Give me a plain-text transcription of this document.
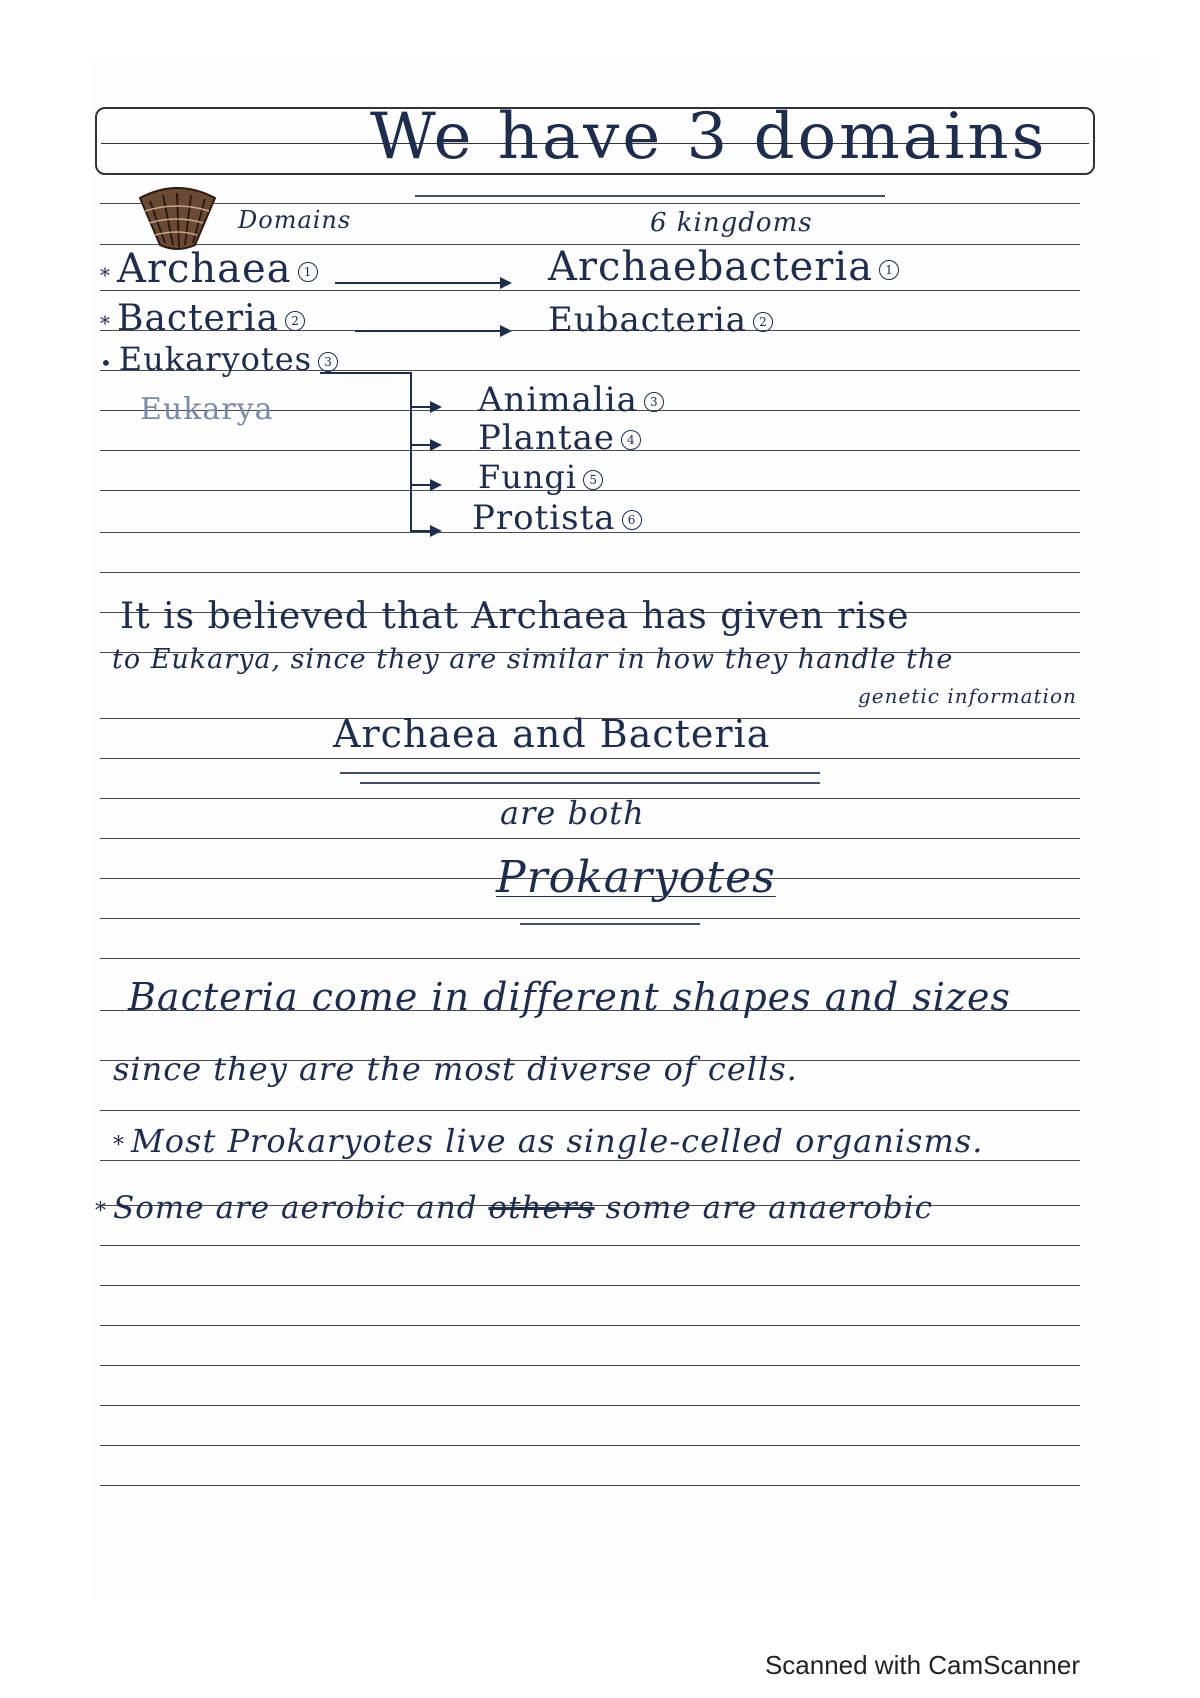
We have 3 domains
Domains	6 kingdoms
* Archaea 1
* Bacteria 2
• Eukaryotes 3
Eukarya
Archaebacteria 1
Eubacteria 2
Animalia 3
Plantae 4
Fungi 5
Protista 6
It is believed that Archaea has given rise
to Eukarya, since they are similar in how they handle the
genetic information
Archaea and Bacteria
are both
Prokaryotes
Bacteria come in different shapes and sizes
since they are the most diverse of cells.
* Most Prokaryotes live as single-celled organisms.
* Some are aerobic and others some are anaerobic
Scanned with CamScanner
